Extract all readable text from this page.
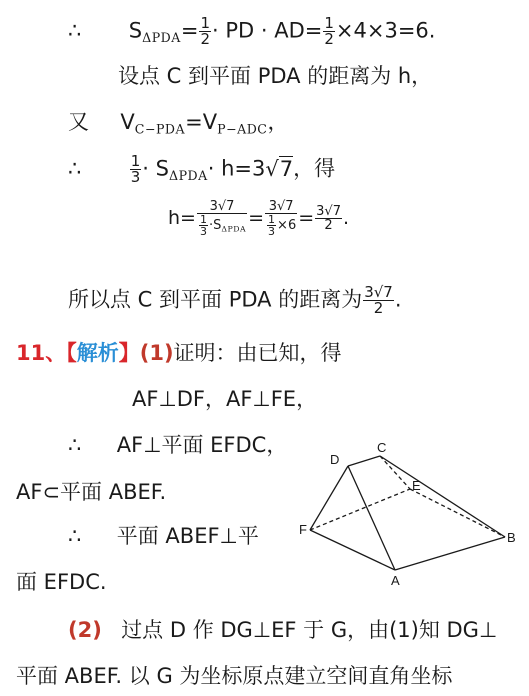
∴ $S_{\Delta PDA}= \frac{1}{2}$ · PD · $AD= \frac{1}{2} \times 4\times 3=6$.
设点 C 到平面 PDA 的距离为 h，
又 $V_{C-PDA}=V_{P-ADC}$，
∴	$\frac{1}{3} \cdot S_{\Delta PDA}\cdot h=3√7$，得
$h= \frac{3√7}{\frac{1}{3} \cdot S_{\Delta PDA}} = \frac{3√7}{\frac{1}{3} \times 6} = \frac{3√7}{2}$ .
所以点 C 到平面 PDA 的距离为 $\frac{3√7}{2}$ .
11、【解析】(1)证明：由已知，得
AF⊥DF，AF⊥FE，
∴ AF⊥平面 EFDC，
AF⊂平面 ABEF.
∴ 平面 ABEF⊥平
面 EFDC.
(2) 过点 D 作 DG⊥EF 于 G，由(1)知 DG⊥
平面 ABEF. 以 G 为坐标原点建立空间直角坐标
C
D
E
F
B
A
